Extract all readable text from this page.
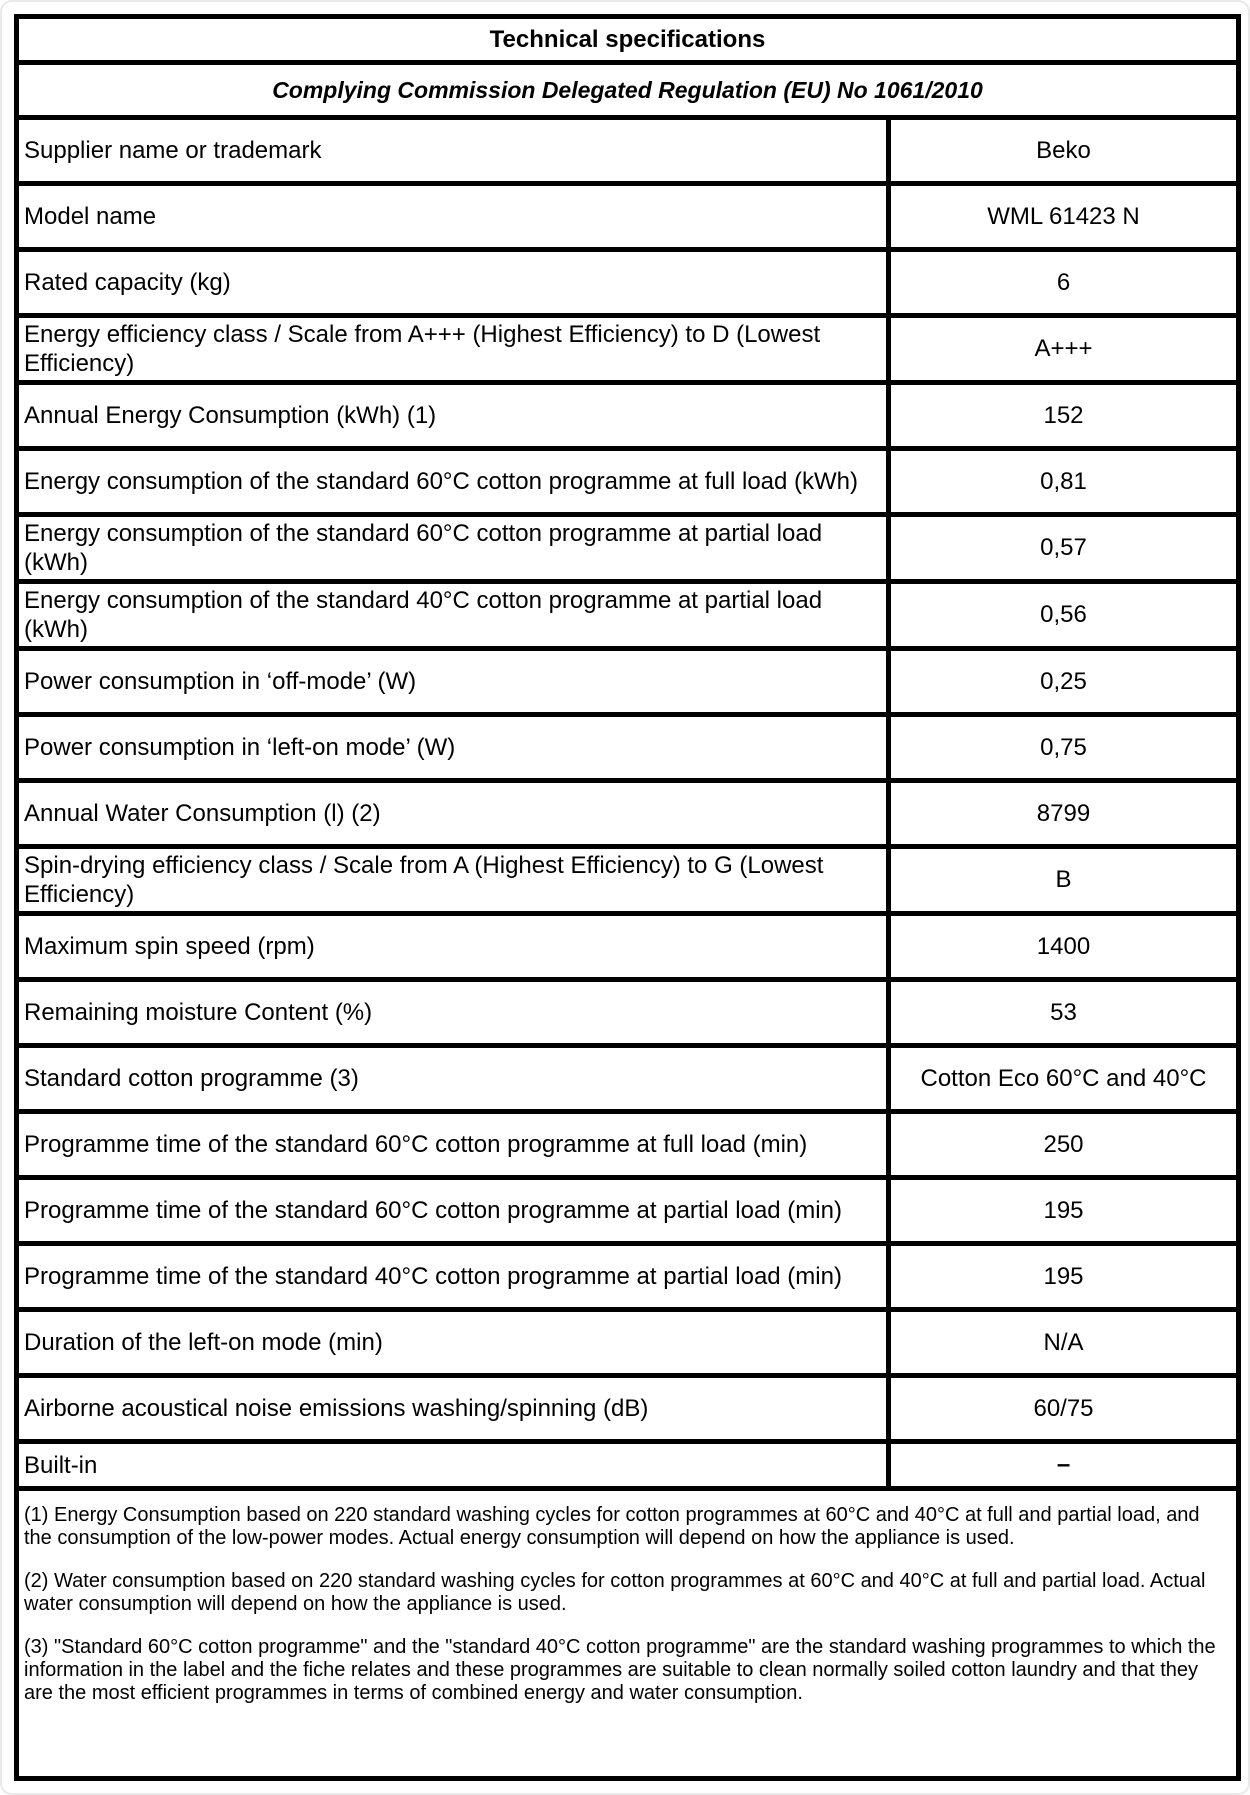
Technical specifications	
Complying Commission Delegated Regulation (EU) No 1061/2010	
Supplier name or trademark	Beko
Model name	WML 61423 N
Rated capacity (kg)	6
Energy efficiency class / Scale from A+++ (Highest Efficiency) to D (Lowest Efficiency)	A+++
Annual Energy Consumption (kWh) (1)	152
Energy consumption of the standard 60°C cotton programme at full load (kWh)	0,81
Energy consumption of the standard 60°C cotton programme at partial load (kWh)	0,57
Energy consumption of the standard 40°C cotton programme at partial load (kWh)	0,56
Power consumption in ‘off-mode’ (W)	0,25
Power consumption in ‘left-on mode’ (W)	0,75
Annual Water Consumption (l) (2)	8799
Spin-drying efficiency class / Scale from A (Highest Efficiency) to G (Lowest Efficiency)	B
Maximum spin speed (rpm)	1400
Remaining moisture Content (%)	53
Standard cotton programme (3)	Cotton Eco 60°C and 40°C
Programme time of the standard 60°C cotton programme at full load (min)	250
Programme time of the standard 60°C cotton programme at partial load (min)	195
Programme time of the standard 40°C cotton programme at partial load (min)	195
Duration of the left-on mode (min)	N/A
Airborne acoustical noise emissions washing/spinning (dB)	60/75
Built-in	–

(1) Energy Consumption based on 220 standard washing cycles for cotton programmes at 60°C and 40°C at full and partial load, and the consumption of the low-power modes. Actual energy consumption will depend on how the appliance is used.

(2) Water consumption based on 220 standard washing cycles for cotton programmes at 60°C and 40°C at full and partial load. Actual water consumption will depend on how the appliance is used.

(3) "Standard 60°C cotton programme" and the "standard 40°C cotton programme" are the standard washing programmes to which the information in the label and the fiche relates and these programmes are suitable to clean normally soiled cotton laundry and that they are the most efficient programmes in terms of combined energy and water consumption.	
